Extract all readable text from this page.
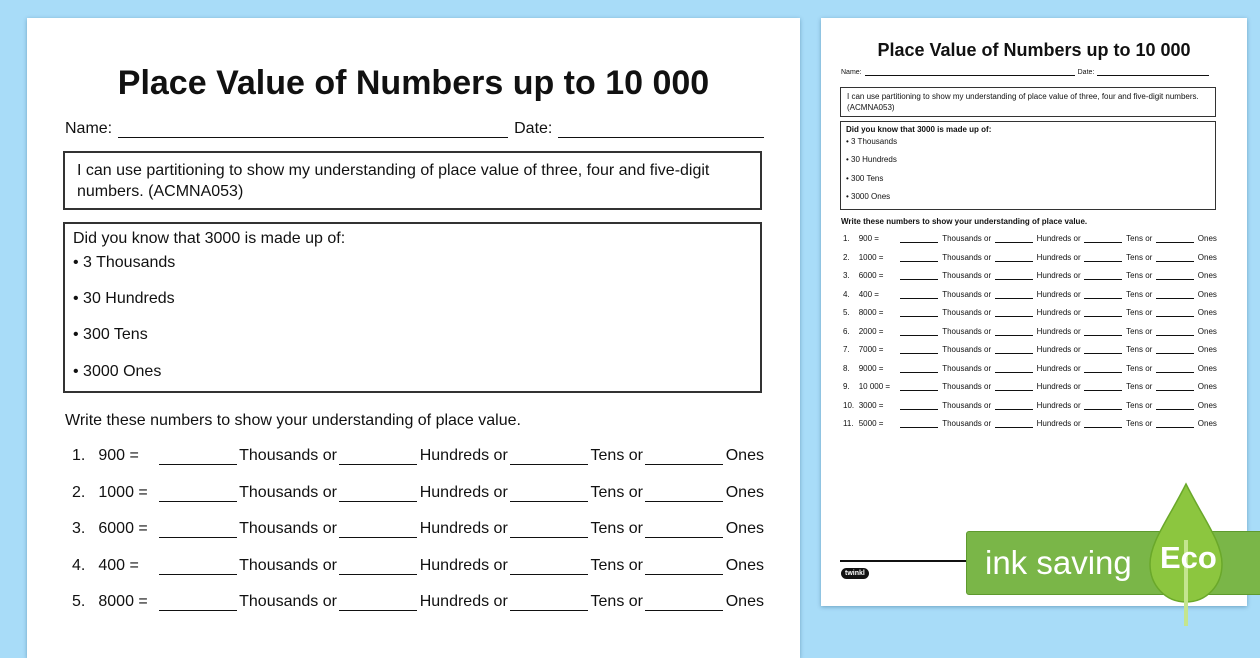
Place Value of Numbers up to 10 000
Name:	Date:
I can use partitioning to show my understanding of place value of three, four and five-digit numbers. (ACMNA053)
Did you know that 3000 is made up of:
• 3 Thousands
• 30 Hundreds
• 300 Tens
• 3000 Ones
Write these numbers to show your understanding of place value.
1. 900 =	Thousands or	Hundreds or	Tens or	Ones
2. 1000 =	Thousands or	Hundreds or	Tens or	Ones
3. 6000 =	Thousands or	Hundreds or	Tens or	Ones
4. 400 =	Thousands or	Hundreds or	Tens or	Ones
5. 8000 =	Thousands or	Hundreds or	Tens or	Ones
Place Value of Numbers up to 10 000
Name:	Date:
I can use partitioning to show my understanding of place value of three, four and five-digit numbers. (ACMNA053)
Did you know that 3000 is made up of:
• 3 Thousands
• 30 Hundreds
• 300 Tens
• 3000 Ones
Write these numbers to show your understanding of place value.
1.	900 =	Thousands or	Hundreds or	Tens or	Ones
2.	1000 =	Thousands or	Hundreds or	Tens or	Ones
3.	6000 =	Thousands or	Hundreds or	Tens or	Ones
4.	400 =	Thousands or	Hundreds or	Tens or	Ones
5.	8000 =	Thousands or	Hundreds or	Tens or	Ones
6.	2000 =	Thousands or	Hundreds or	Tens or	Ones
7.	7000 =	Thousands or	Hundreds or	Tens or	Ones
8.	9000 =	Thousands or	Hundreds or	Tens or	Ones
9.	10 000 =	Thousands or	Hundreds or	Tens or	Ones
10. 3000 =	Thousands or	Hundreds or	Tens or	Ones
11. 5000 =	Thousands or	Hundreds or	Tens or	Ones
twinkl	ink saving Eco
